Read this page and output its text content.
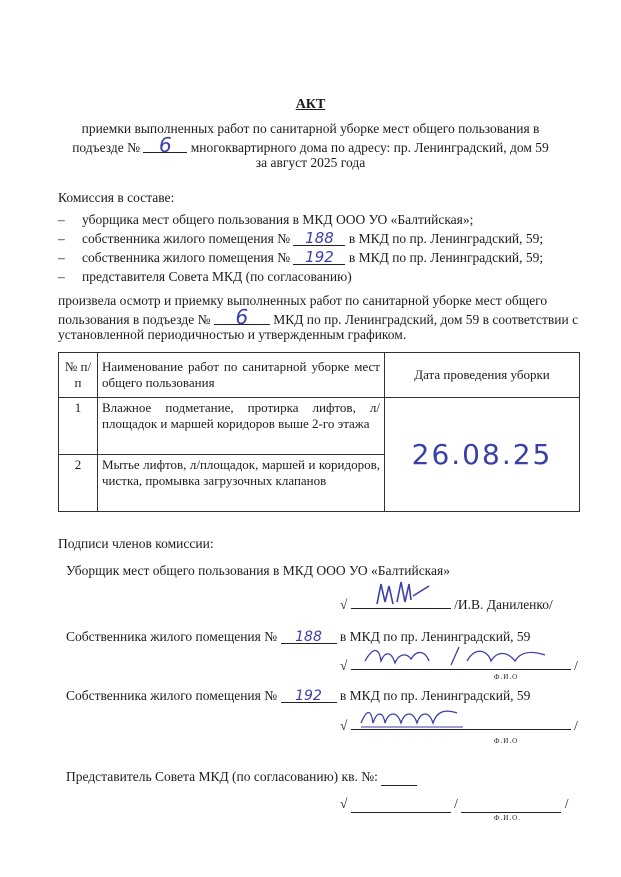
АКТ
приемки выполненных работ по санитарной уборке мест общего пользования в
подъезде № 6 многоквартирного дома по адресу: пр. Ленинградский, дом 59
за август 2025 года
Комиссия в составе:
– уборщика мест общего пользования в МКД ООО УО «Балтийская»;
– собственника жилого помещения № 188 в МКД по пр. Ленинградский, 59;
– собственника жилого помещения № 192 в МКД по пр. Ленинградский, 59;
– представителя Совета МКД (по согласованию)
произвела осмотр и приемку выполненных работ по санитарной уборке мест общего
пользования в подъезде № 6 МКД по пр. Ленинградский, дом 59 в соответствии с
установленной периодичностью и утвержденным графиком.
№ п/п	Наименование работ по санитарной уборке мест общего пользования	Дата проведения уборки
1	Влажное подметание, протирка лифтов, л/площадок и маршей коридоров выше 2-го этажа	26.08.25
2	Мытье лифтов, л/площадок, маршей и коридоров, чистка, промывка загрузочных клапанов	
Подписи членов комиссии:
Уборщик мест общего пользования в МКД ООО УО «Балтийская»
√	/И.В. Даниленко/
Собственника жилого помещения № 188 в МКД по пр. Ленинградский, 59
√	/
Ф.И.О
Собственника жилого помещения № 192 в МКД по пр. Ленинградский, 59
√	/
Ф.И.О
Представитель Совета МКД (по согласованию) кв. №:
√	/	/
Ф.И.О.
